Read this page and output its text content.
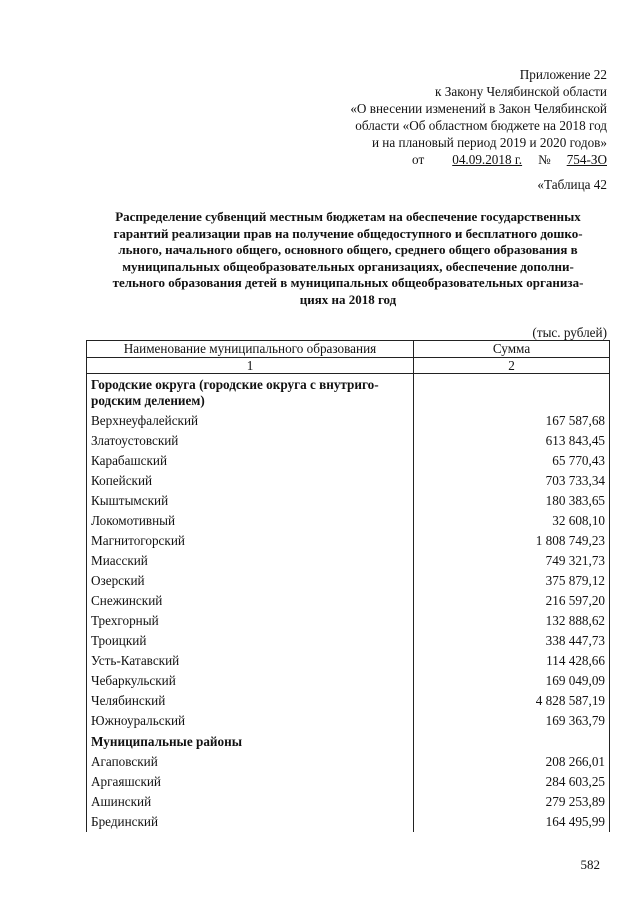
Приложение 22
к Закону Челябинской области
«О внесении изменений в Закон Челябинской
области «Об областном бюджете на 2018 год
и на плановый период 2019 и 2020 годов»
от 04.09.2018 г. № 754-ЗО
«Таблица 42
Распределение субвенций местным бюджетам на обеспечение государственных
гарантий реализации прав на получение общедоступного и бесплатного дошко-
льного, начального общего, основного общего, среднего общего образования в
муниципальных общеобразовательных организациях, обеспечение дополни-
тельного образования детей в муниципальных общеобразовательных организа-
циях на 2018 год
(тыс. рублей)
Наименование муниципального образования	Сумма
1	2

Городские округа (городские округа с внутриго-
родским делением)	

Верхнеуфалейский	167 587,68
Златоустовский	613 843,45
Карабашский	65 770,43
Копейский	703 733,34
Кыштымский	180 383,65
Локомотивный	32 608,10
Магнитогорский	1 808 749,23
Миасский	749 321,73
Озерский	375 879,12
Снежинский	216 597,20
Трехгорный	132 888,62
Троицкий	338 447,73
Усть-Катавский	114 428,66
Чебаркульский	169 049,09
Челябинский	4 828 587,19
Южноуральский	169 363,79
Муниципальные районы	
Агаповский	208 266,01
Аргаяшский	284 603,25
Ашинский	279 253,89
Брединский	164 495,99
582
